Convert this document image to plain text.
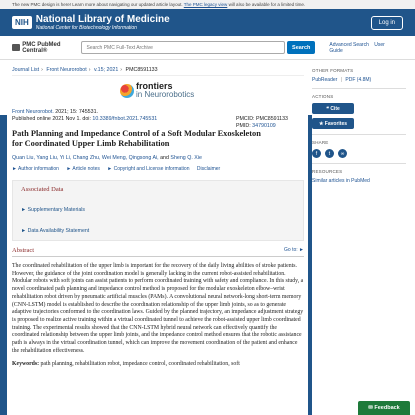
The new PMC design is here! Learn more about navigating our updated article layout. The PMC legacy view will also be available for a limited time.
NIH National Library of Medicine
National Center for Biotechnology Information
Log in
PMC PubMed Central®	Search PMC Full-Text Archive	Search	Advanced Search User Guide
Journal List › Front Neurorobot › v.15; 2021 › PMC8591133
frontiers
in Neurorobotics
Front Neurorobot. 2021; 15: 745531.
Published online 2021 Nov 1. doi: 10.3389/fnbot.2021.745531	PMCID: PMC8591133
PMID: 34790109
Path Planning and Impedance Control of a Soft Modular Exoskeleton for Coordinated Upper Limb Rehabilitation
Quan Liu, Yang Liu, Yi Li, Chang Zhu, Wei Meng, Qingsong Ai, and Sheng Q. Xie
► Author information ► Article notes ► Copyright and License information Disclaimer
Associated Data
► Supplementary Materials
► Data Availability Statement
Abstract	Go to: ►

The coordinated rehabilitation of the upper limb is important for the recovery of the daily living abilities of stroke patients. However, the guidance of the joint coordination model is generally lacking in the current robot-assisted rehabilitation. Modular robots with soft joints can assist patients to perform coordinated training with safety and compliance. In this study, a novel coordinated path planning and impedance control method is proposed for the modular exoskeleton elbow–wrist rehabilitation robot driven by pneumatic artificial muscles (PAMs). A convolutional neural network-long short-term memory (CNN-LSTM) model is established to describe the coordination relationship of the upper limb joints, so as to generate adaptive trajectories conformed to the coordination laws. Guided by the planned trajectory, an impedance adjustment strategy is proposed to realize active training within a virtual coordinated tunnel to achieve the robot-assisted upper limb coordinated training. The experimental results showed that the CNN-LSTM hybrid neural network can effectively quantify the coordinated relationship between the upper limb joints, and the impedance control method ensures that the robotic assistance path is always in the virtual coordination tunnel, which can improve the movement coordination of the patient and enhance the rehabilitation effectiveness.

Keywords: path planning, rehabilitation robot, impedance control, coordinated rehabilitation, soft

OTHER FORMATS
PubReader | PDF (4.8M)
ACTIONS
❝ Cite
★ Favorites
SHARE
f	t	∞
RESOURCES
Similar articles in PubMed
✉ Feedback
